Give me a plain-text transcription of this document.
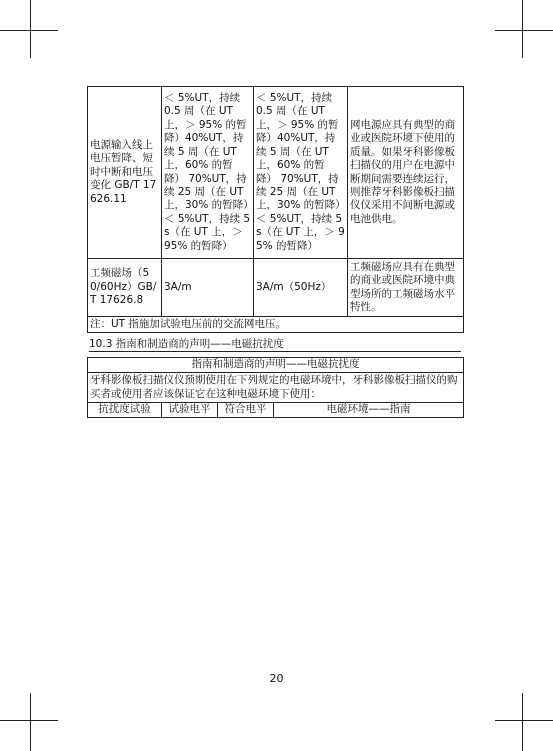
电源输入线上电压暂降、短时中断和电压变化 GB/T 17626.11	＜ 5%UT，持续 0.5 周（在 UT 上，＞ 95% 的暂降）40%UT，持续 5 周（在 UT 上，60% 的暂降） 70%UT，持续 25 周（在 UT 上，30% 的暂降）＜ 5%UT，持续 5s（在 UT 上，＞ 95% 的暂降）	＜ 5%UT，持续 0.5 周（在 UT 上，＞ 95% 的暂降）40%UT，持续 5 周（在 UT 上，60% 的暂降） 70%UT，持续 25 周（在 UT 上，30% 的暂降）＜ 5%UT，持续 5s（在 UT 上，＞ 95% 的暂降）	网电源应具有典型的商业或医院环境下使用的质量。如果牙科影像板扫描仪的用户在电源中断期间需要连续运行，则推荐牙科影像板扫描仪仪采用不间断电源或电池供电。
工频磁场（50/60Hz）GB/T 17626.8	3A/m	3A/m（50Hz）	工频磁场应具有在典型的商业或医院环境中典型场所的工频磁场水平特性。
注：UT 指施加试验电压前的交流网电压。			
10.3 指南和制造商的声明——电磁抗扰度

指南和制造商的声明——电磁抗扰度			
牙科影像板扫描仪仪预期使用在下列规定的电磁环境中，牙科影像板扫描仪的购买者或使用者应该保证它在这种电磁环境下使用：			
抗扰度试验	试验电平	符合电平	电磁环境——指南
20
